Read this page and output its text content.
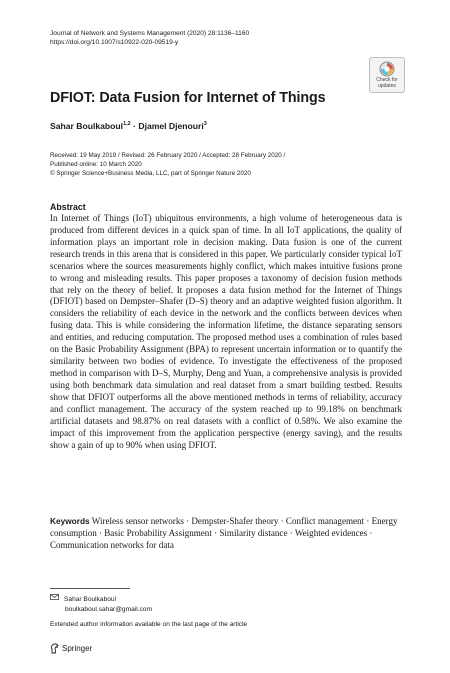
Journal of Network and Systems Management (2020) 28:1136–1160
https://doi.org/10.1007/s10922-020-09519-y
Check for
updates
DFIOT: Data Fusion for Internet of Things
Sahar Boulkaboul$^{1,2}$ · Djamel Djenouri$^3$
Received: 19 May 2019 / Revised: 26 February 2020 / Accepted: 28 February 2020 /
Published online: 10 March 2020
© Springer Science+Business Media, LLC, part of Springer Nature 2020
Abstract
In Internet of Things (IoT) ubiquitous environments, a high volume of heterogeneous data is produced from different devices in a quick span of time. In all IoT applications, the quality of information plays an important role in decision making. Data fusion is one of the current research trends in this arena that is considered in this paper. We particularly consider typical IoT scenarios where the sources measurements highly conflict, which makes intuitive fusions prone to wrong and misleading results. This paper proposes a taxonomy of decision fusion methods that rely on the theory of belief. It proposes a data fusion method for the Internet of Things (DFIOT) based on Dempster–Shafer (D–S) theory and an adaptive weighted fusion algorithm. It considers the reliability of each device in the network and the conflicts between devices when fusing data. This is while considering the information lifetime, the distance separating sensors and entities, and reducing computation. The proposed method uses a combination of rules based on the Basic Probability Assignment (BPA) to represent uncertain information or to quantify the similarity between two bodies of evidence. To investigate the effectiveness of the proposed method in comparison with D–S, Murphy, Deng and Yuan, a comprehensive analysis is provided using both benchmark data simulation and real dataset from a smart building testbed. Results show that DFIOT outperforms all the above mentioned methods in terms of reliability, accuracy and conflict management. The accuracy of the system reached up to 99.18% on benchmark artificial datasets and 98.87% on real datasets with a conflict of 0.58%. We also examine the impact of this improvement from the application perspective (energy saving), and the results show a gain of up to 90% when using DFIOT.
Keywords Wireless sensor networks · Dempster-Shafer theory · Conflict management · Energy consumption · Basic Probability Assignment · Similarity distance · Weighted evidences · Communication networks for data
Sahar Boulkaboul
boulkaboul.sahar@gmail.com
Extended author information available on the last page of the article
Springer
